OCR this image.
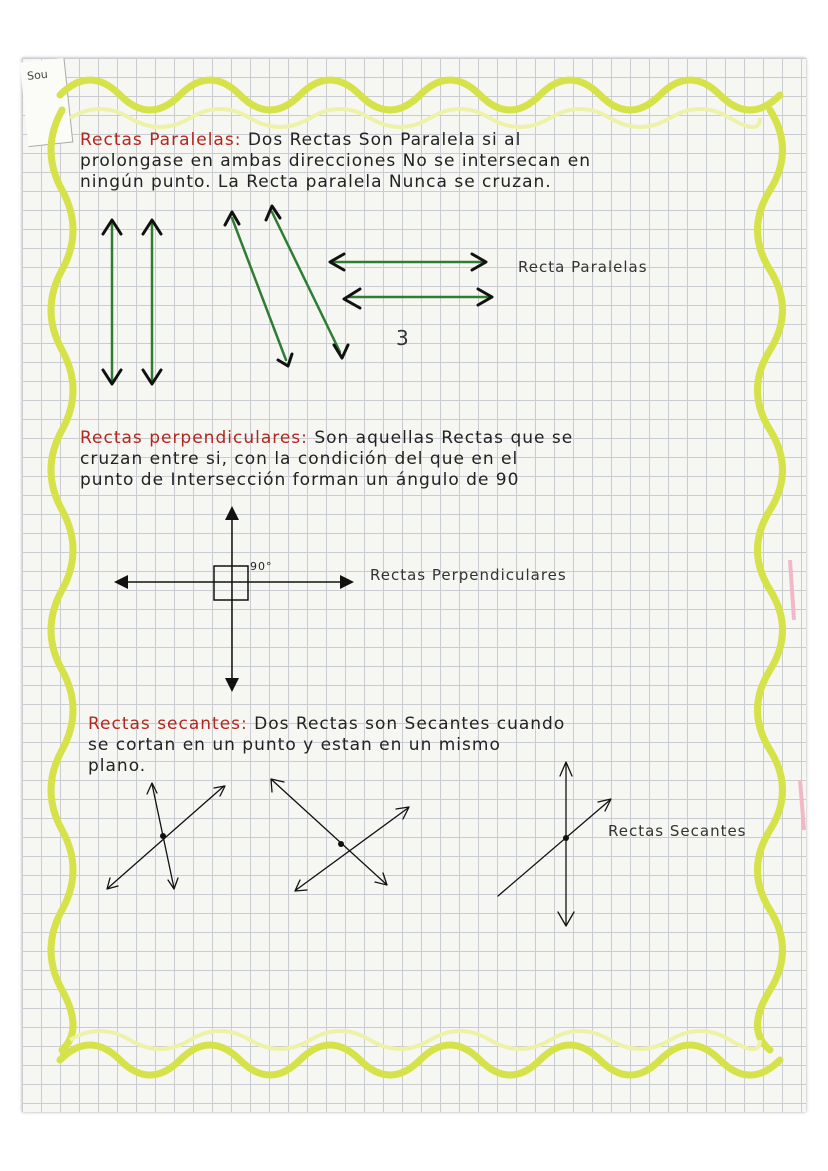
Sou
Rectas Paralelas: Dos Rectas Son Paralela si al
prolongase en ambas direcciones No se intersecan en
ningún punto. La Recta paralela Nunca se cruzan.
Recta Paralelas
3
Rectas perpendiculares: Son aquellas Rectas que se
cruzan entre si, con la condición del que en el
punto de Intersección forman un ángulo de 90
90°	Rectas Perpendiculares
Rectas secantes: Dos Rectas son Secantes cuando
se cortan en un punto y estan en un mismo
plano.
Rectas Secantes
